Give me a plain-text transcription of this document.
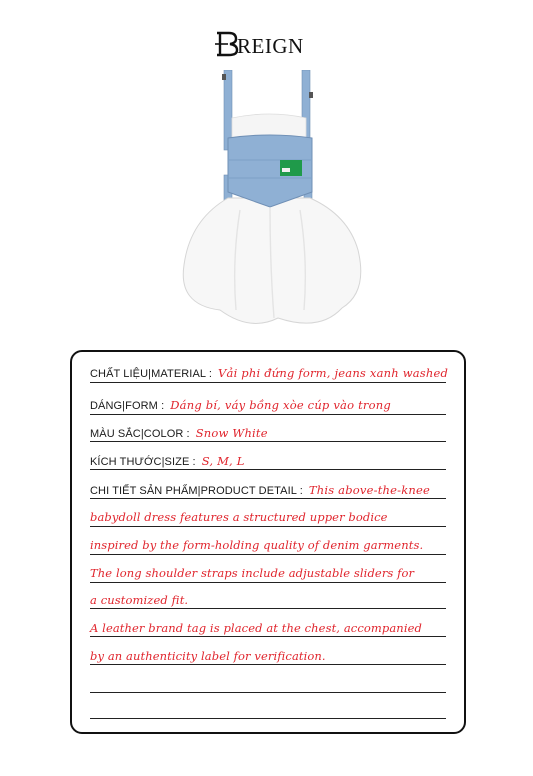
REIGN
CHẤT LIỆU|MATERIAL : Vải phi đứng form, jeans xanh washed
DÁNG|FORM : Dáng bí, váy bồng xòe cúp vào trong
MÀU SẮC|COLOR : Snow White
KÍCH THƯỚC|SIZE : S, M, L
CHI TIẾT SẢN PHẨM|PRODUCT DETAIL : This above-the-knee
babydoll dress features a structured upper bodice
inspired by the form-holding quality of denim garments.
The long shoulder straps include adjustable sliders for
a customized fit.
A leather brand tag is placed at the chest, accompanied
by an authenticity label for verification.
